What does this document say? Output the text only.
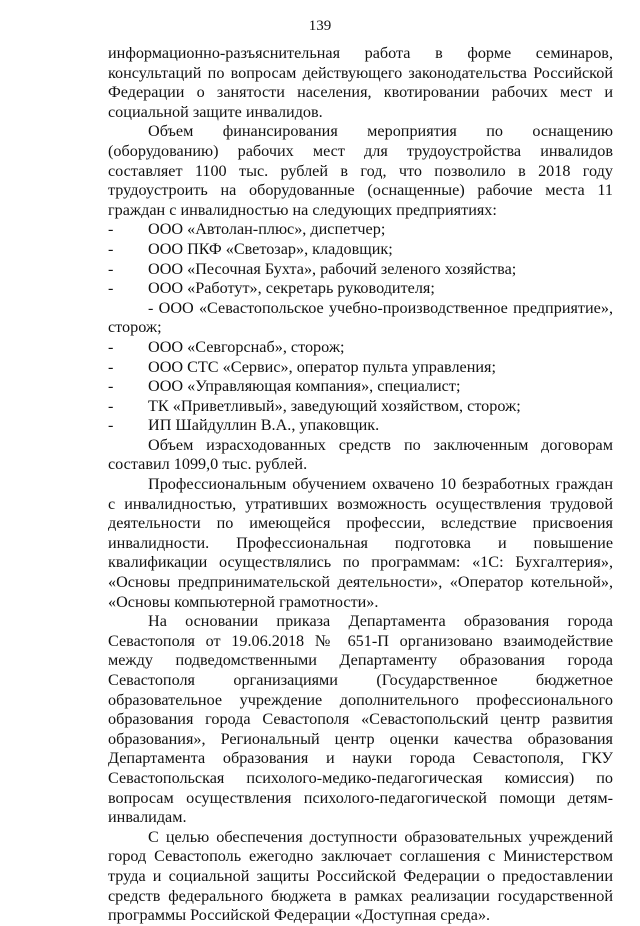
139

информационно-разъяснительная работа в форме семинаров, консультаций по вопросам действующего законодательства Российской Федерации о занятости населения, квотировании рабочих мест и социальной защите инвалидов.

Объем финансирования мероприятия по оснащению (оборудованию) рабочих мест для трудоустройства инвалидов составляет 1100 тыс. рублей в год, что позволило в 2018 году трудоустроить на оборудованные (оснащенные) рабочие места 11 граждан с инвалидностью на следующих предприятиях:

- ООО «Автолан-плюс», диспетчер;
- ООО ПКФ «Светозар», кладовщик;
- ООО «Песочная Бухта», рабочий зеленого хозяйства;
- ООО «Работут», секретарь руководителя;
- ООО «Севастопольское учебно-производственное предприятие», сторож;
- ООО «Севгорснаб», сторож;
- ООО СТС «Сервис», оператор пульта управления;
- ООО «Управляющая компания», специалист;
- ТК «Приветливый», заведующий хозяйством, сторож;
- ИП Шайдуллин В.А., упаковщик.

Объем израсходованных средств по заключенным договорам составил 1099,0 тыс. рублей.

Профессиональным обучением охвачено 10 безработных граждан с инвалидностью, утративших возможность осуществления трудовой деятельности по имеющейся профессии, вследствие присвоения инвалидности. Профессиональная подготовка и повышение квалификации осуществлялись по программам: «1С: Бухгалтерия», «Основы предпринимательской деятельности», «Оператор котельной», «Основы компьютерной грамотности».

На основании приказа Департамента образования города Севастополя от 19.06.2018 № 651-П организовано взаимодействие между подведомственными Департаменту образования города Севастополя организациями (Государственное бюджетное образовательное учреждение дополнительного профессионального образования города Севастополя «Севастопольский центр развития образования», Региональный центр оценки качества образования Департамента образования и науки города Севастополя, ГКУ Севастопольская психолого-медико-педагогическая комиссия) по вопросам осуществления психолого-педагогической помощи детям-инвалидам.

С целью обеспечения доступности образовательных учреждений город Севастополь ежегодно заключает соглашения с Министерством труда и социальной защиты Российской Федерации о предоставлении средств федерального бюджета в рамках реализации государственной программы Российской Федерации «Доступная среда».
